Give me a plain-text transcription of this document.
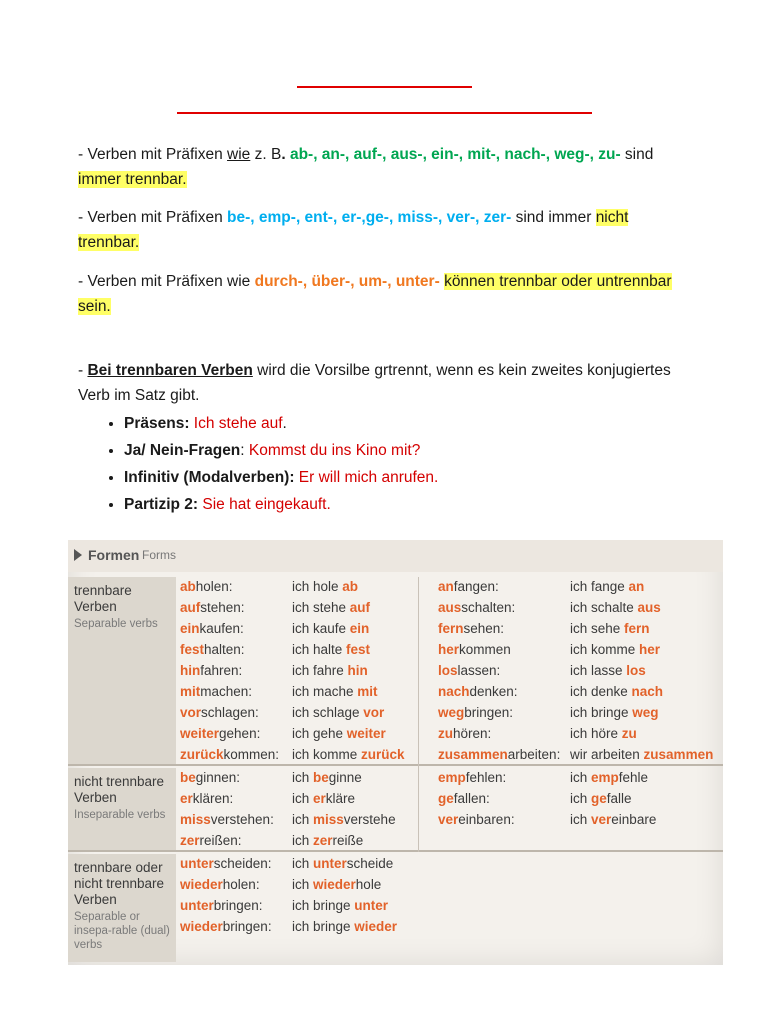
- Verben mit Präfixen wie z. B. ab-, an-, auf-, aus-, ein-, mit-, nach-, weg-, zu- sind
immer trennbar.
- Verben mit Präfixen be-, emp-, ent-, er-,ge-, miss-, ver-, zer- sind immer nicht trennbar.
- Verben mit Präfixen wie durch-, über-, um-, unter- können trennbar oder untrennbar sein.
- Bei trennbaren Verben wird die Vorsilbe grtrennt, wenn es kein zweites konjugiertes Verb im Satz gibt.
• Präsens: Ich stehe auf.
• Ja/ Nein-Fragen: Kommst du ins Kino mit?
• Infinitiv (Modalverben): Er will mich anrufen.
• Partizip 2: Sie hat eingekauft.
Formen Forms
trennbare Verben
Separable verbs
abholen:	ich hole ab
aufstehen:	ich stehe auf
einkaufen:	ich kaufe ein
festhalten:	ich halte fest
hinfahren:	ich fahre hin
mitmachen:	ich mache mit
vorschlagen: ich schlage vor
weitergehen: ich gehe weiter
zurückkommen: ich komme zurück
anfangen:	ich fange an
ausschalten:	ich schalte aus
fernsehen:	ich sehe fern
herkommen	ich komme her
loslassen:	ich lasse los
nachdenken:	ich denke nach
wegbringen:	ich bringe weg
zuhören:	ich höre zu
zusammenarbeiten: wir arbeiten zusammen
nicht trennbare Verben
Inseparable verbs
beginnen:	ich beginne
erklären:	ich erkläre
missverstehen: ich missverstehe
zerreißen:	ich zerreiße
empfehlen:	ich empfehle
gefallen:	ich gefalle
vereinbaren:	ich vereinbare
trennbare oder nicht trennbare Verben
Separable or insepa-rable (dual) verbs
unterscheiden: ich unterscheide
wiederholen: ich wiederhole
unterbringen: ich bringe unter
wiederbringen: ich bringe wieder
